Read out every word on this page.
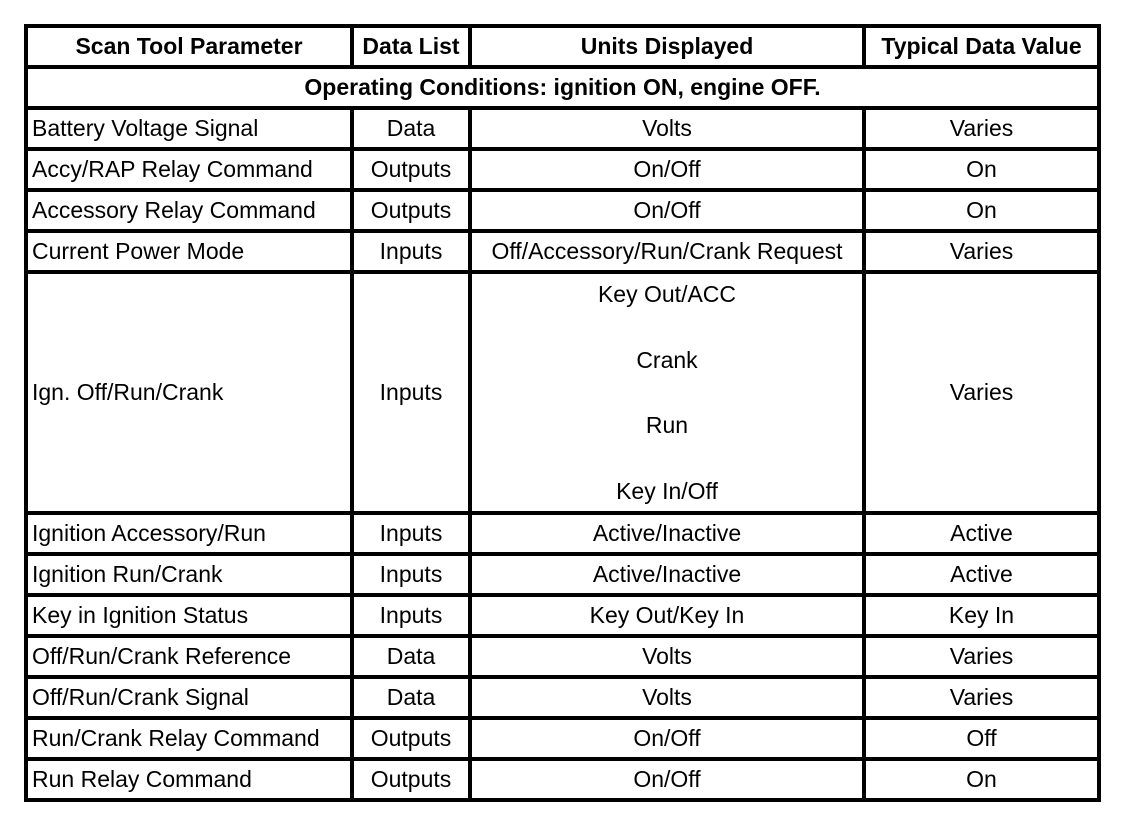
Scan Tool Parameter	Data List	Units Displayed	Typical Data Value
Operating Conditions: ignition ON, engine OFF.			
Battery Voltage Signal	Data	Volts	Varies
Accy/RAP Relay Command	Outputs	On/Off	On
Accessory Relay Command	Outputs	On/Off	On
Current Power Mode	Inputs	Off/Accessory/Run/Crank Request	Varies
Ign. Off/Run/Crank	Inputs	Key Out/ACC
Crank
Run
Key In/Off	Varies
Ignition Accessory/Run	Inputs	Active/Inactive	Active
Ignition Run/Crank	Inputs	Active/Inactive	Active
Key in Ignition Status	Inputs	Key Out/Key In	Key In
Off/Run/Crank Reference	Data	Volts	Varies
Off/Run/Crank Signal	Data	Volts	Varies
Run/Crank Relay Command	Outputs	On/Off	Off
Run Relay Command	Outputs	On/Off	On
